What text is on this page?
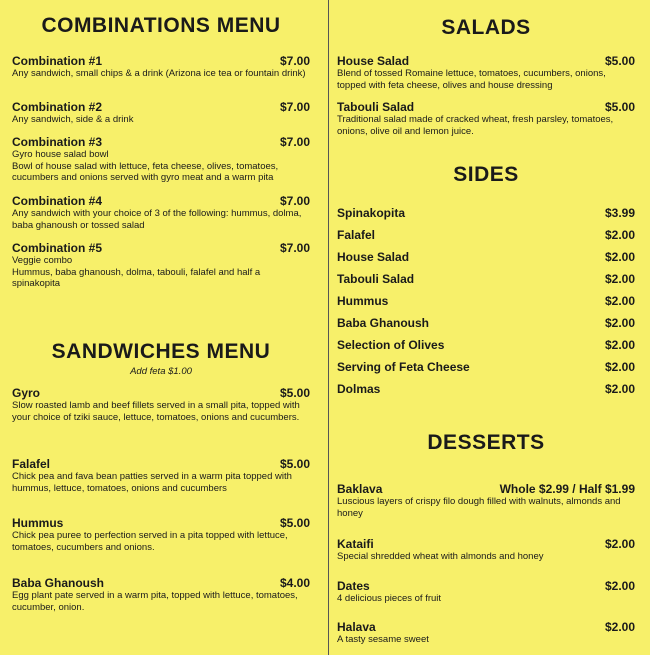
COMBINATIONS MENU
Combination #1	$7.00

Any sandwich, small chips & a drink (Arizona ice tea or fountain drink)

Combination #2	$7.00

Any sandwich, side & a drink

Combination #3	$7.00

Gyro house salad bowl

Bowl of house salad with lettuce, feta cheese, olives, tomatoes, cucumbers and onions served with gyro meat and a warm pita

Combination #4	$7.00

Any sandwich with your choice of 3 of the following: hummus, dolma, baba ghanoush or tossed salad

Combination #5	$7.00

Veggie combo

Hummus, baba ghanoush, dolma, tabouli, falafel and half a spinakopita

SANDWICHES MENU

Add feta $1.00

Gyro	$5.00

Slow roasted lamb and beef fillets served in a small pita, topped with your choice of tziki sauce, lettuce, tomatoes, onions and cucumbers.

Falafel	$5.00

Chick pea and fava bean patties served in a warm pita topped with hummus, lettuce, tomatoes, onions and cucumbers

Hummus	$5.00

Chick pea puree to perfection served in a pita topped with lettuce, tomatoes, cucumbers and onions.

Baba Ghanoush	$4.00

Egg plant pate served in a warm pita, topped with lettuce, tomatoes, cucumber, onion.

SALADS
House Salad	$5.00

Blend of tossed Romaine lettuce, tomatoes, cucumbers, onions, topped with feta cheese, olives and house dressing

Tabouli Salad	$5.00

Traditional salad made of cracked wheat, fresh parsley, tomatoes, onions, olive oil and lemon juice.

SIDES
Spinakopita	$3.99
Falafel	$2.00
House Salad	$2.00
Tabouli Salad	$2.00
Hummus	$2.00
Baba Ghanoush	$2.00
Selection of Olives	$2.00
Serving of Feta Cheese	$2.00
Dolmas	$2.00
DESSERTS
Baklava	Whole $2.99 / Half $1.99

Luscious layers of crispy filo dough filled with walnuts, almonds and honey

Kataifi	$2.00

Special shredded wheat with almonds and honey

Dates	$2.00

4 delicious pieces of fruit

Halava	$2.00

A tasty sesame sweet
